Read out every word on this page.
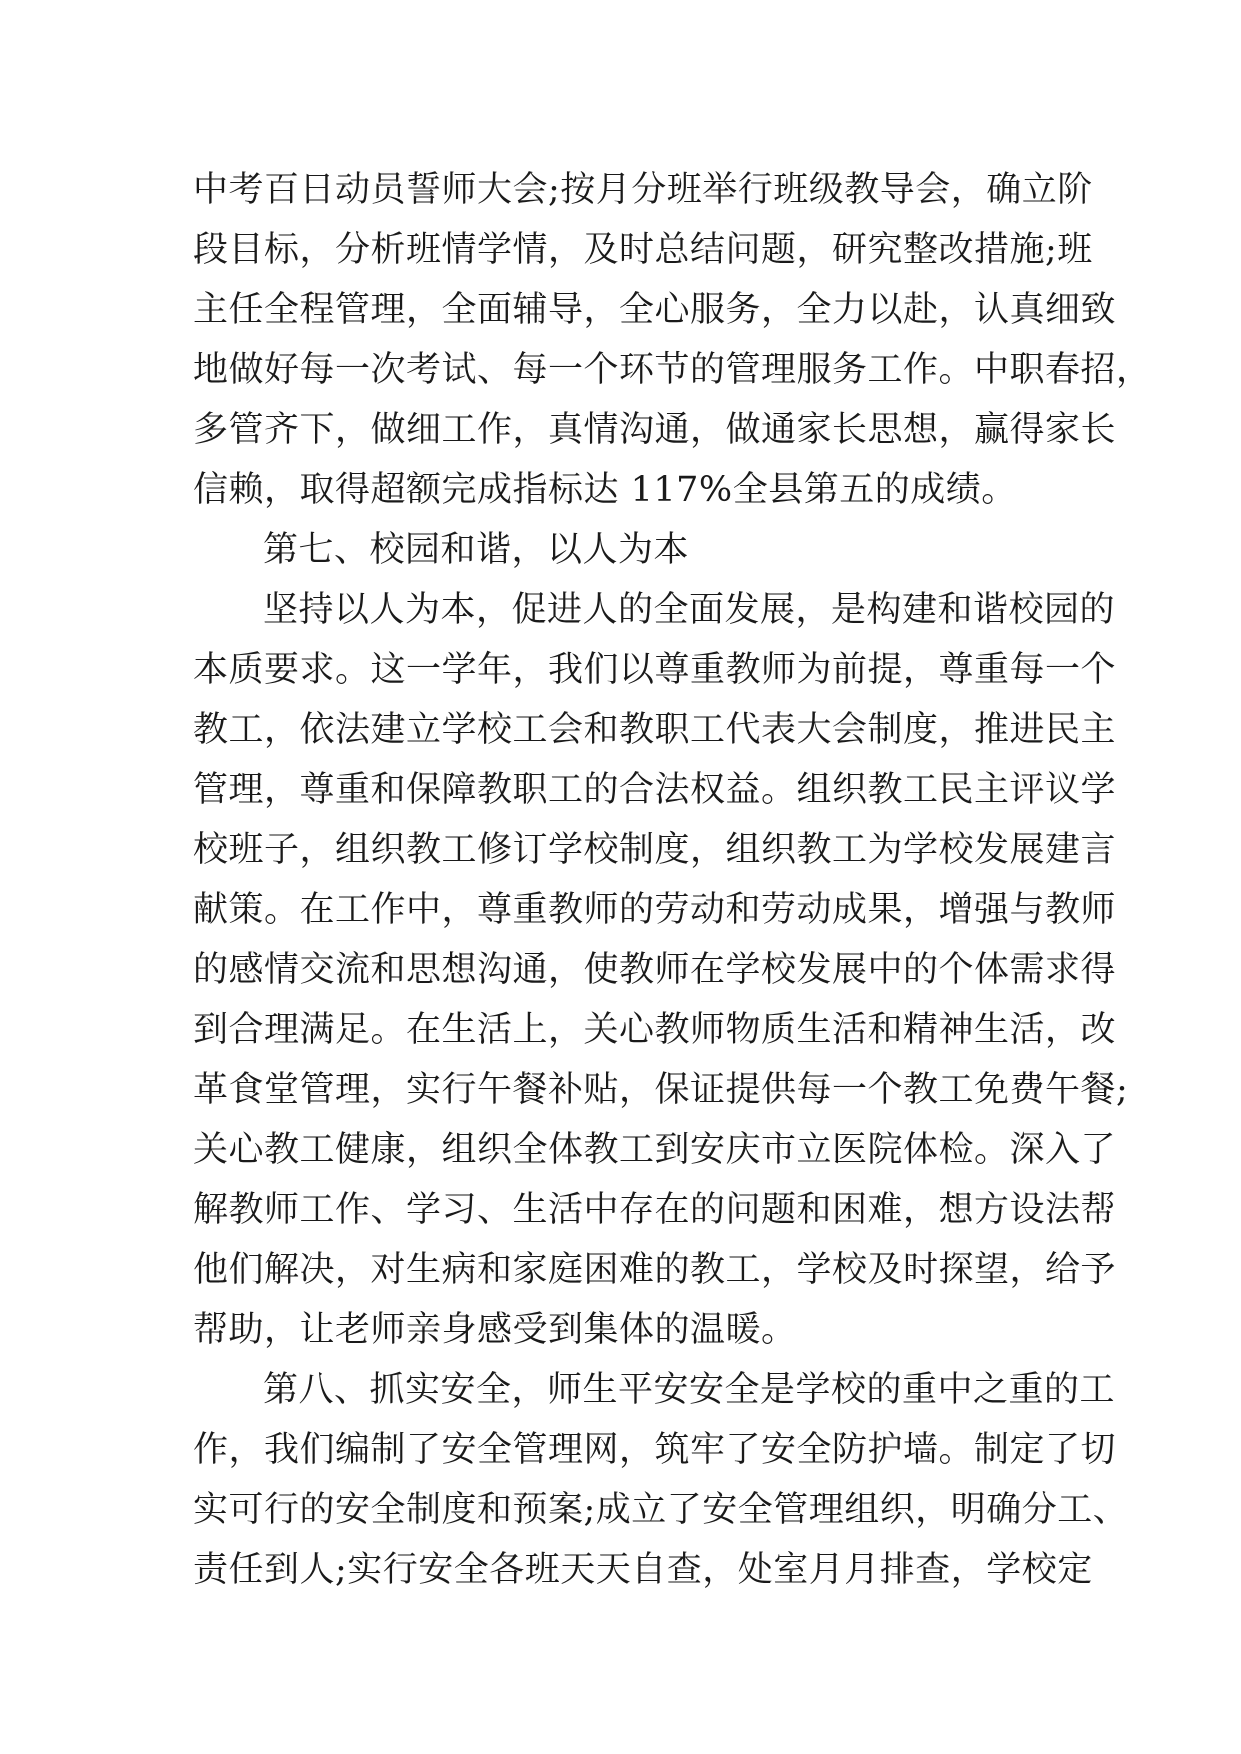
中考百日动员誓师大会;按月分班举行班级教导会，确立阶
段目标，分析班情学情，及时总结问题，研究整改措施;班
主任全程管理，全面辅导，全心服务，全力以赴，认真细致
地做好每一次考试、每一个环节的管理服务工作。中职春招，
多管齐下，做细工作，真情沟通，做通家长思想，赢得家长
信赖，取得超额完成指标达 117%全县第五的成绩。
第七、校园和谐，以人为本
坚持以人为本，促进人的全面发展，是构建和谐校园的
本质要求。这一学年，我们以尊重教师为前提，尊重每一个
教工，依法建立学校工会和教职工代表大会制度，推进民主
管理，尊重和保障教职工的合法权益。组织教工民主评议学
校班子，组织教工修订学校制度，组织教工为学校发展建言
献策。在工作中，尊重教师的劳动和劳动成果，增强与教师
的感情交流和思想沟通，使教师在学校发展中的个体需求得
到合理满足。在生活上，关心教师物质生活和精神生活，改
革食堂管理，实行午餐补贴，保证提供每一个教工免费午餐;
关心教工健康，组织全体教工到安庆市立医院体检。深入了
解教师工作、学习、生活中存在的问题和困难，想方设法帮
他们解决，对生病和家庭困难的教工，学校及时探望，给予
帮助，让老师亲身感受到集体的温暖。
第八、抓实安全，师生平安安全是学校的重中之重的工
作，我们编制了安全管理网，筑牢了安全防护墙。制定了切
实可行的安全制度和预案;成立了安全管理组织，明确分工、
责任到人;实行安全各班天天自查，处室月月排查，学校定
